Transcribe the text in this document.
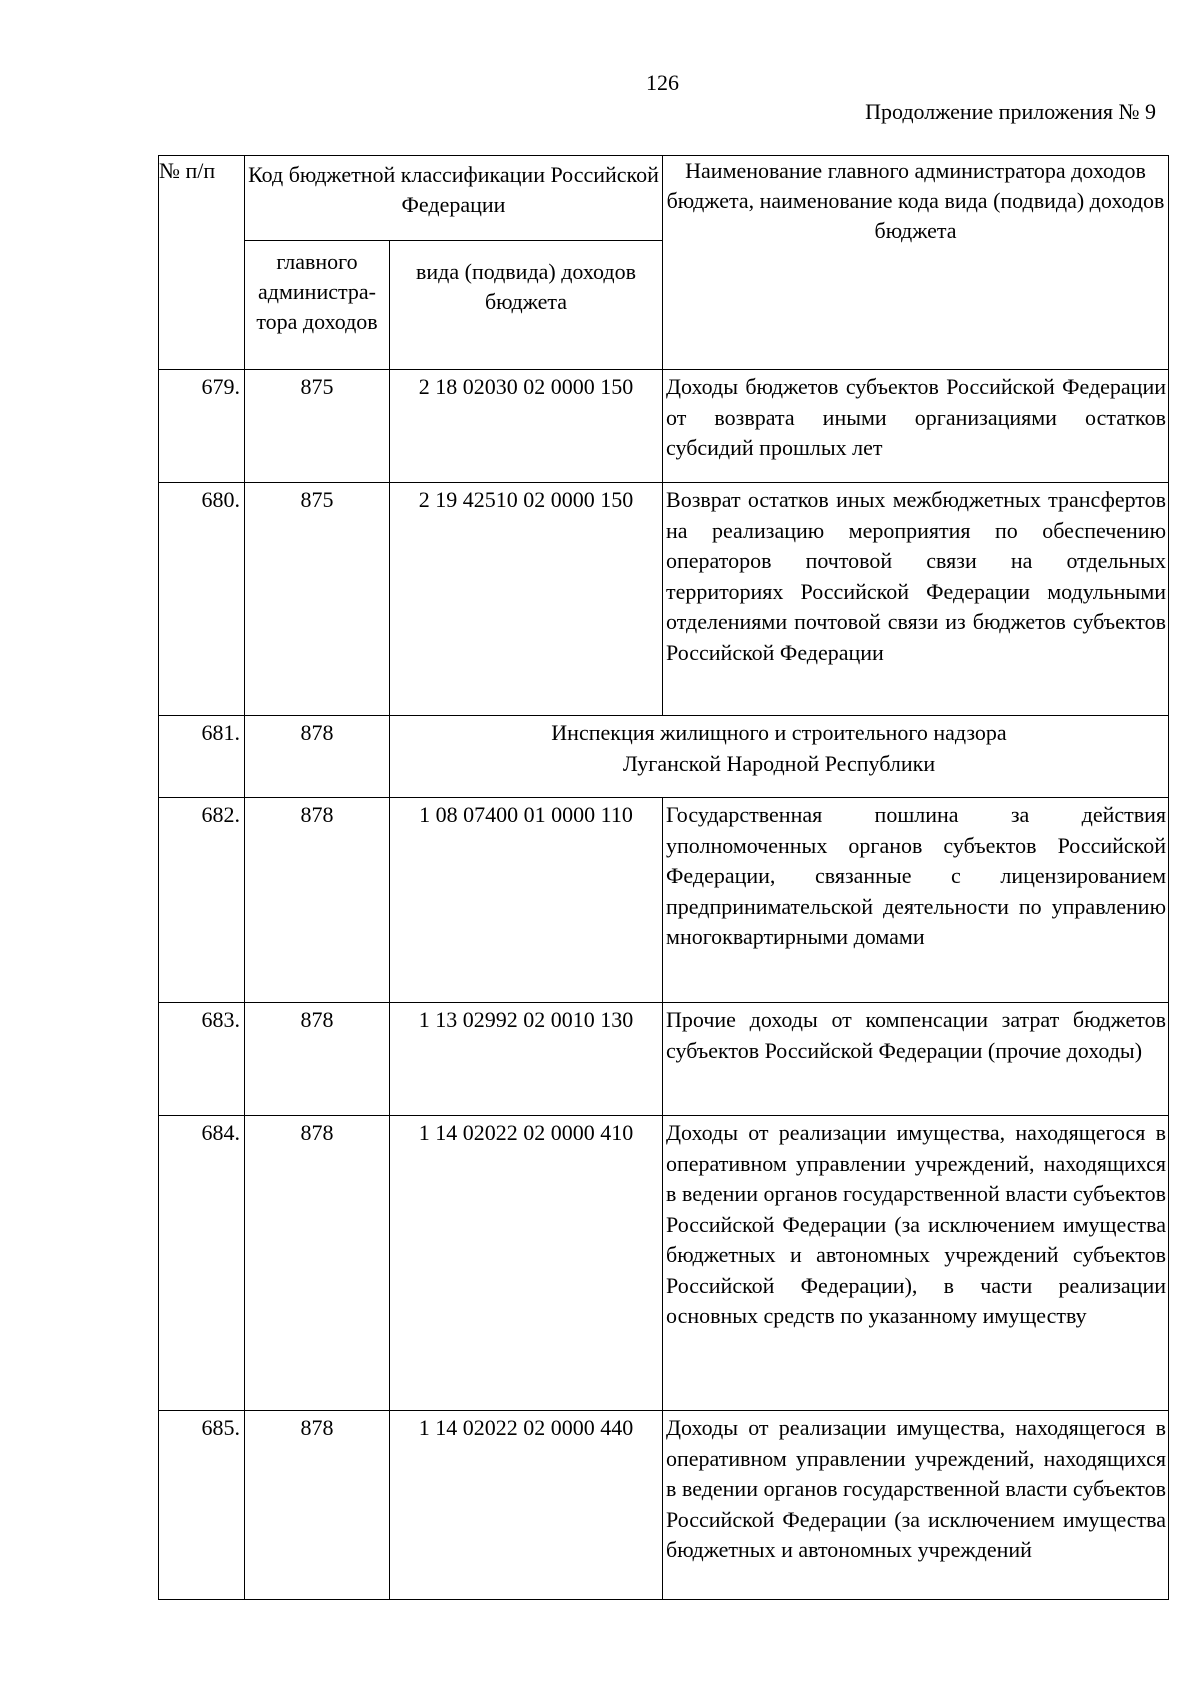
126
Продолжение приложения № 9
№ п/п	Код бюджетной классификации Российской Федерации		Наименование главного администратора доходов бюджета, наименование кода вида (подвида) доходов бюджета
	главного администра-тора доходов	вида (подвида) доходов бюджета	
679.	875	2 18 02030 02 0000 150	Доходы бюджетов субъектов Российской Федерации от возврата иными организациями остатков субсидий прошлых лет
680.	875	2 19 42510 02 0000 150	Возврат остатков иных межбюджетных трансфертов на реализацию мероприятия по обеспечению операторов почтовой связи на отдельных территориях Российской Федерации модульными отделениями почтовой связи из бюджетов субъектов Российской Федерации
681.	878	Инспекция жилищного и строительного надзора
Луганской Народной Республики	

682.	878	1 08 07400 01 0000 110	Государственная пошлина за действия уполномоченных органов субъектов Российской Федерации, связанные с лицензированием предпринимательской деятельности по управлению многоквартирными домами
683.	878	1 13 02992 02 0010 130	Прочие доходы от компенсации затрат бюджетов субъектов Российской Федерации (прочие доходы)
684.	878	1 14 02022 02 0000 410	Доходы от реализации имущества, находящегося в оперативном управлении учреждений, находящихся в ведении органов государственной власти субъектов Российской Федерации (за исключением имущества бюджетных и автономных учреждений субъектов Российской Федерации), в части реализации основных средств по указанному имуществу
685.	878	1 14 02022 02 0000 440	Доходы от реализации имущества, находящегося в оперативном управлении учреждений, находящихся в ведении органов государственной власти субъектов Российской Федерации (за исключением имущества бюджетных и автономных учреждений
